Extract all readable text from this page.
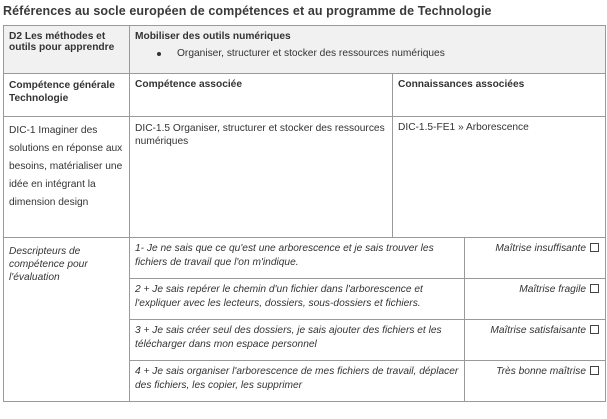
Références au socle européen de compétences et au programme de Technologie
D2 Les méthodes et outils pour apprendre	
Mobiliser des outils numériques
Organiser, structurer et stocker des ressources numériques

Compétence générale Technologie	Compétence associée	Connaissances associées
DIC-1 Imaginer des solutions en réponse aux besoins, matérialiser une idée en intégrant la dimension design	DIC-1.5 Organiser, structurer et stocker des ressources numériques	DIC-1.5-FE1 » Arborescence
Descripteurs de compétence pour l'évaluation	
1- Je ne sais que ce qu'est une arborescence et je sais trouver les fichiers de travail que l'on m'indique.	Maîtrise insuffisante
2 + Je sais repérer le chemin d'un fichier dans l'arborescence et l'expliquer avec les lecteurs, dossiers, sous-dossiers et fichiers.	Maîtrise fragile
3 + Je sais créer seul des dossiers, je sais ajouter des fichiers et les télécharger dans mon espace personnel	Maîtrise satisfaisante
4 + Je sais organiser l'arborescence de mes fichiers de travail, déplacer des fichiers, les copier, les supprimer	Très bonne maîtrise
